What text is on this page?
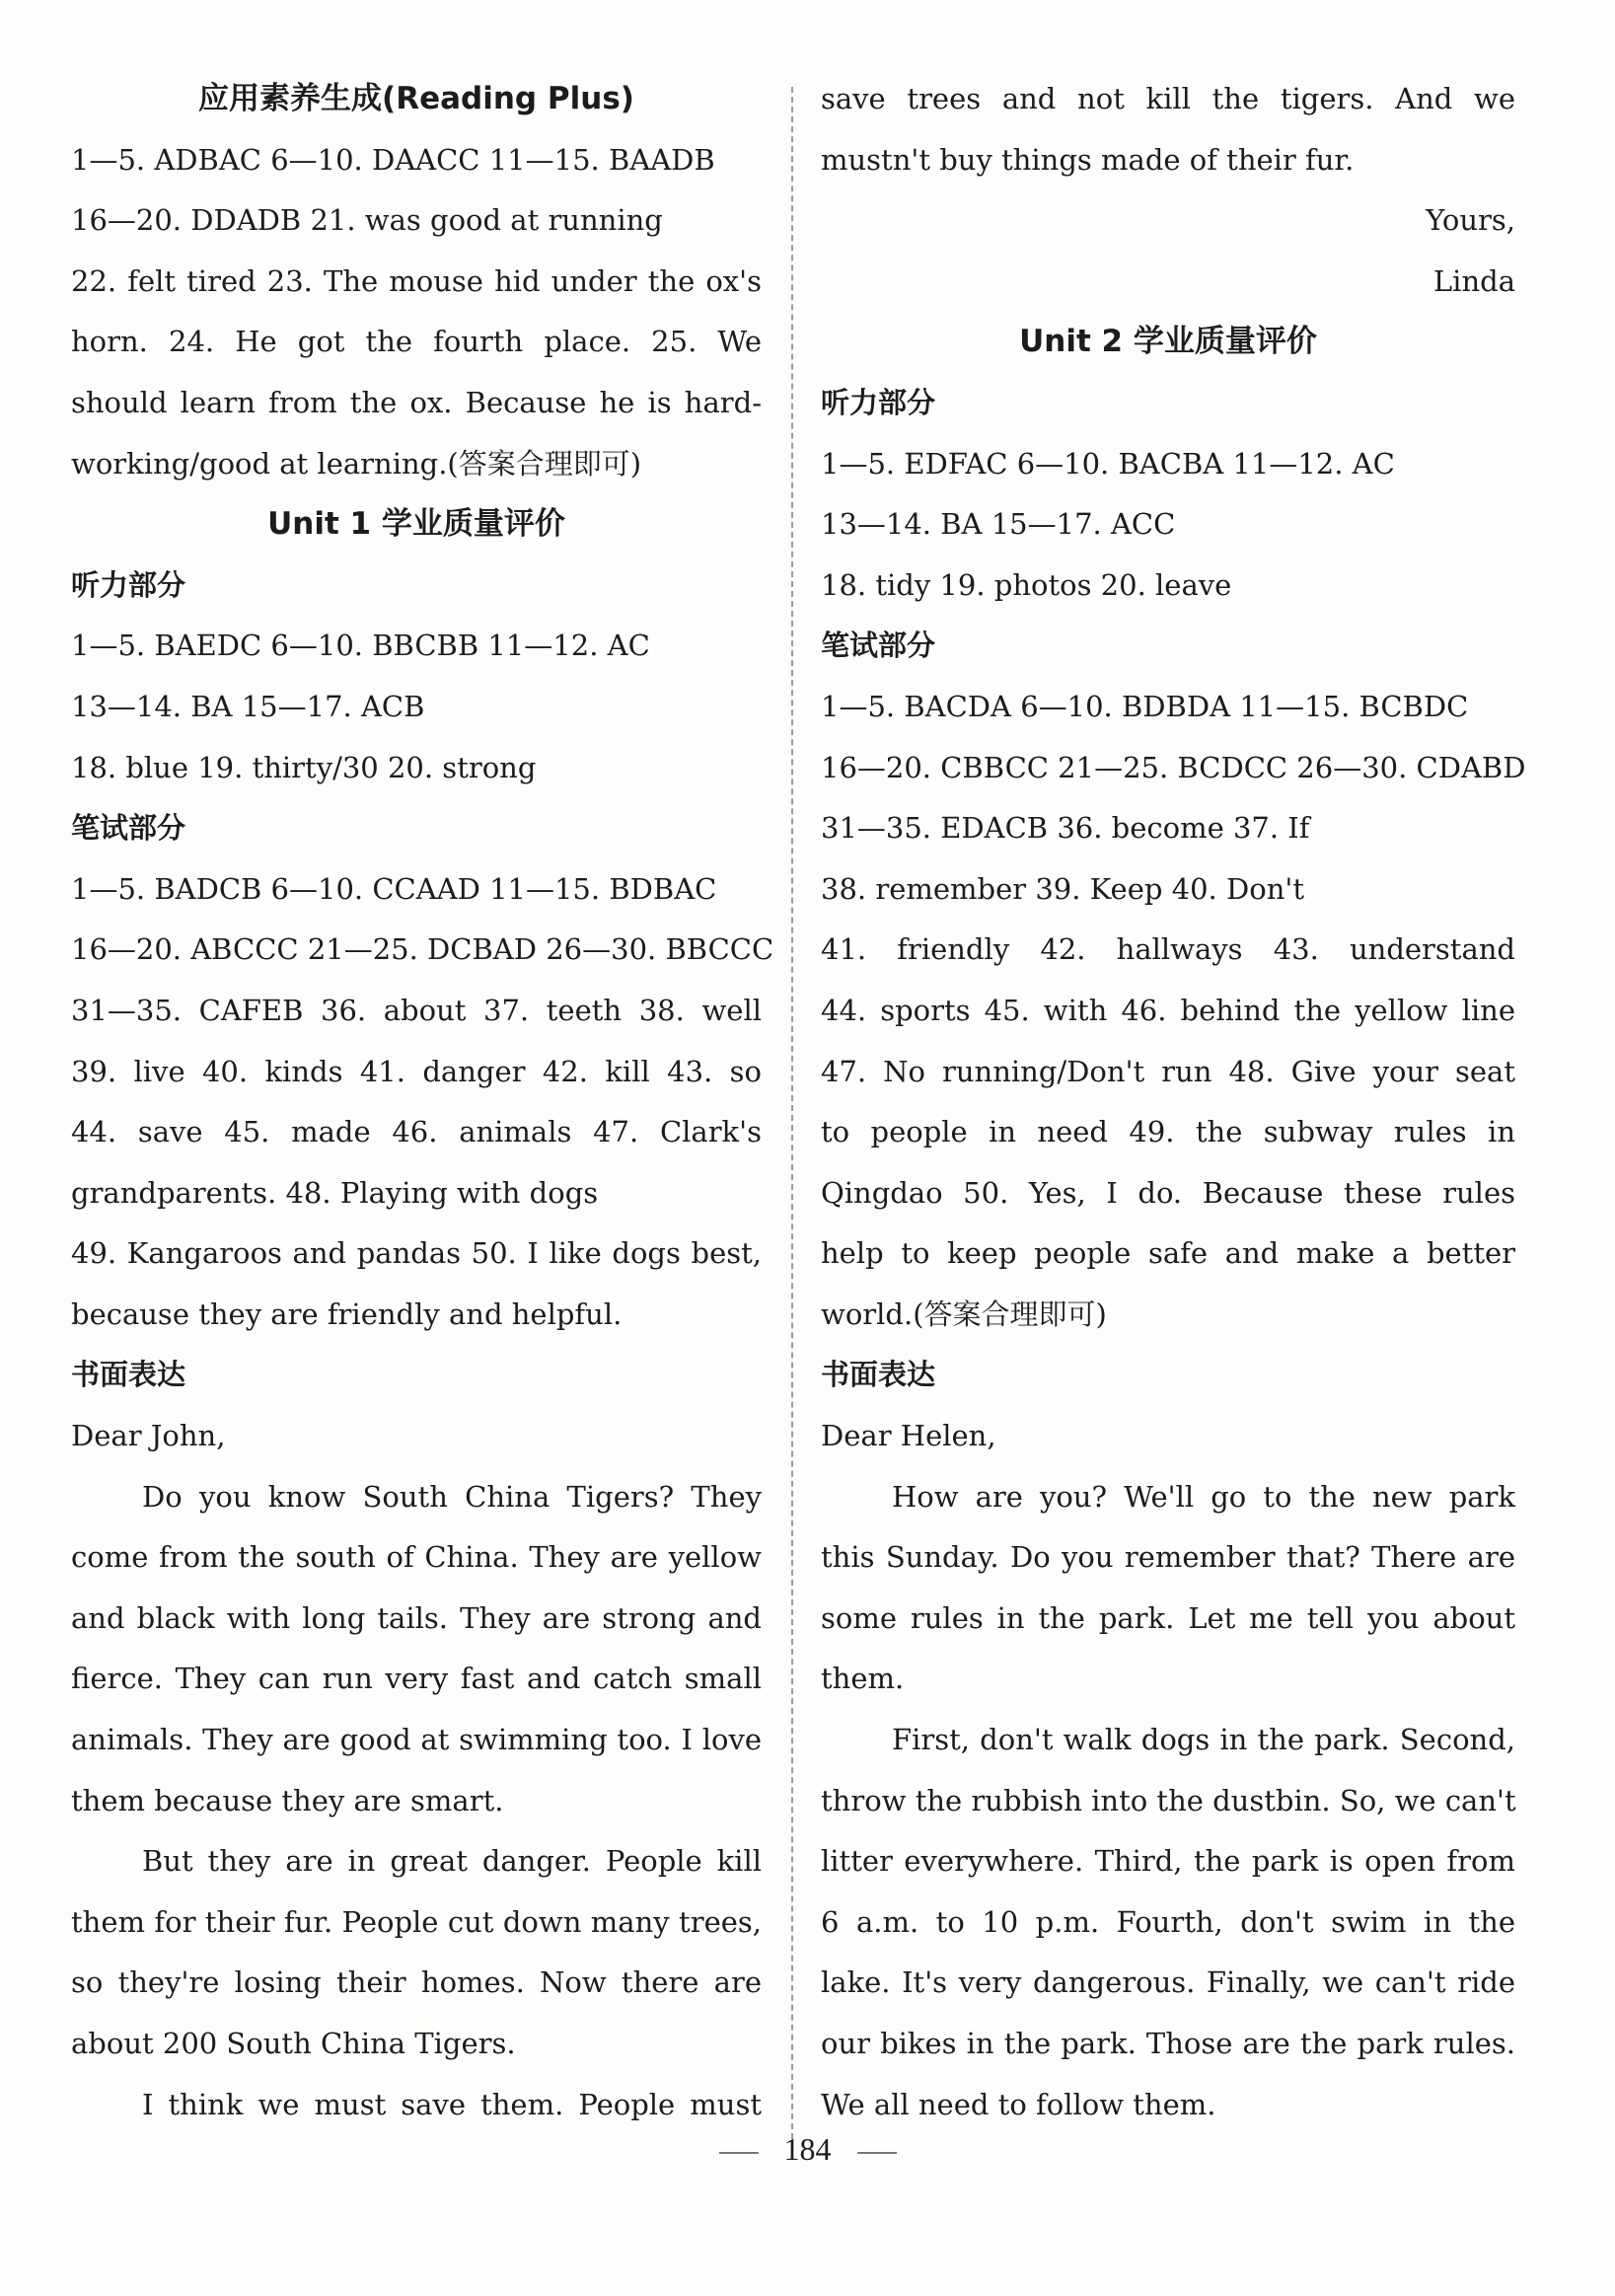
应用素养生成(Reading Plus)
1—5. ADBAC 6—10. DAACC 11—15. BAADB
16—20. DDADB 21. was good at running
22. felt tired 23. The mouse hid under the ox's
horn. 24. He got the fourth place. 25. We
should learn from the ox. Because he is hard-
working/good at learning.(答案合理即可)
Unit 1 学业质量评价
听力部分
1—5. BAEDC 6—10. BBCBB 11—12. AC
13—14. BA 15—17. ACB
18. blue 19. thirty/30 20. strong
笔试部分
1—5. BADCB 6—10. CCAAD 11—15. BDBAC
16—20. ABCCC 21—25. DCBAD 26—30. BBCCC
31—35. CAFEB 36. about 37. teeth 38. well
39. live 40. kinds 41. danger 42. kill 43. so
44. save 45. made 46. animals 47. Clark's
grandparents. 48. Playing with dogs
49. Kangaroos and pandas 50. I like dogs best,
because they are friendly and helpful.
书面表达
Dear John,
Do you know South China Tigers? They
come from the south of China. They are yellow
and black with long tails. They are strong and
fierce. They can run very fast and catch small
animals. They are good at swimming too. I love
them because they are smart.
But they are in great danger. People kill
them for their fur. People cut down many trees,
so they're losing their homes. Now there are
about 200 South China Tigers.
I think we must save them. People must
save trees and not kill the tigers. And we
mustn't buy things made of their fur.
Yours,
Linda
Unit 2 学业质量评价
听力部分
1—5. EDFAC 6—10. BACBA 11—12. AC
13—14. BA 15—17. ACC
18. tidy 19. photos 20. leave
笔试部分
1—5. BACDA 6—10. BDBDA 11—15. BCBDC
16—20. CBBCC 21—25. BCDCC 26—30. CDABD
31—35. EDACB 36. become 37. If
38. remember 39. Keep 40. Don't
41. friendly 42. hallways 43. understand
44. sports 45. with 46. behind the yellow line
47. No running/Don't run 48. Give your seat
to people in need 49. the subway rules in
Qingdao 50. Yes, I do. Because these rules
help to keep people safe and make a better
world.(答案合理即可)
书面表达
Dear Helen,
How are you? We'll go to the new park
this Sunday. Do you remember that? There are
some rules in the park. Let me tell you about
them.
First, don't walk dogs in the park. Second,
throw the rubbish into the dustbin. So, we can't
litter everywhere. Third, the park is open from
6 a.m. to 10 p.m. Fourth, don't swim in the
lake. It's very dangerous. Finally, we can't ride
our bikes in the park. Those are the park rules.
We all need to follow them.
184
